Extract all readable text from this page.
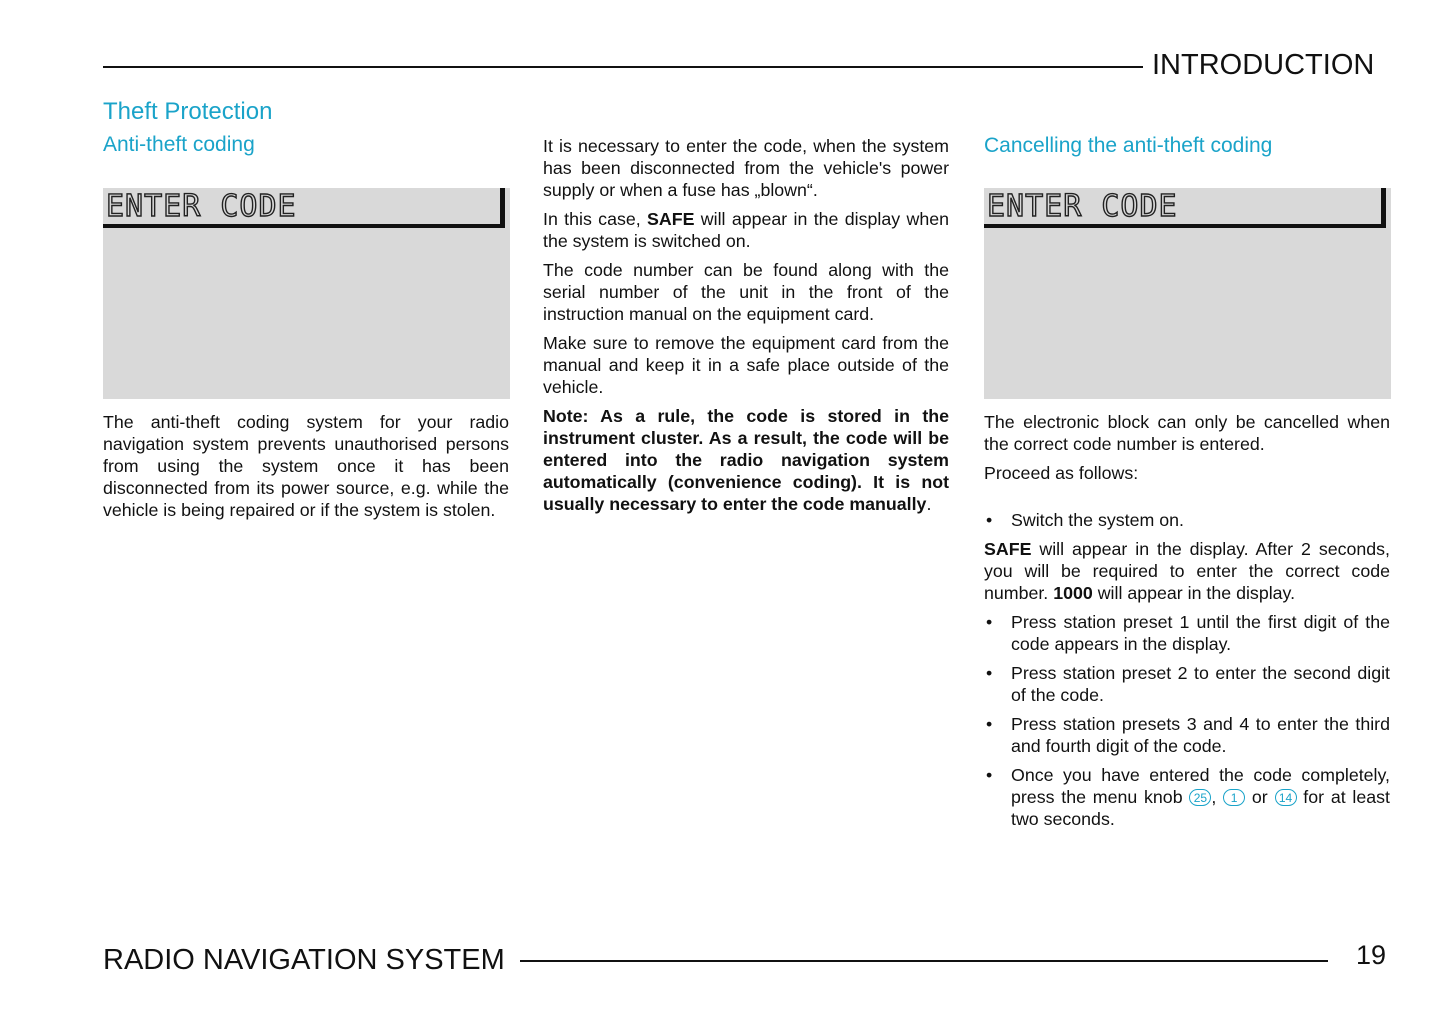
INTRODUCTION
Theft Protection
Anti-theft coding
ENTER CODE

The anti-theft coding system for your radio navigation system prevents unauthorised persons from using the system once it has been disconnected from its power source, e.g. while the vehicle is being repaired or if the system is stolen.

It is necessary to enter the code, when the system has been disconnected from the vehicle's power supply or when a fuse has „blown“.

In this case, SAFE will appear in the display when the system is switched on.

The code number can be found along with the serial number of the unit in the front of the instruction manual on the equipment card.

Make sure to remove the equipment card from the manual and keep it in a safe place outside of the vehicle.

Note: As a rule, the code is stored in the instrument cluster. As a result, the code will be entered into the radio navigation system automatically (convenience coding). It is not usually necessary to enter the code manually.

Cancelling the anti-theft coding
ENTER CODE

The electronic block can only be cancelled when the correct code number is entered.

Proceed as follows:

• Switch the system on.

SAFE will appear in the display. After 2 seconds, you will be required to enter the correct code number. 1000 will appear in the display.

• Press station preset 1 until the first digit of the code appears in the display.
• Press station preset 2 to enter the second digit of the code.
• Press station presets 3 and 4 to enter the third and fourth digit of the code.
• Once you have entered the code completely, press the menu knob 25 , 1 or 14 for at least two seconds.
RADIO NAVIGATION SYSTEM	19
